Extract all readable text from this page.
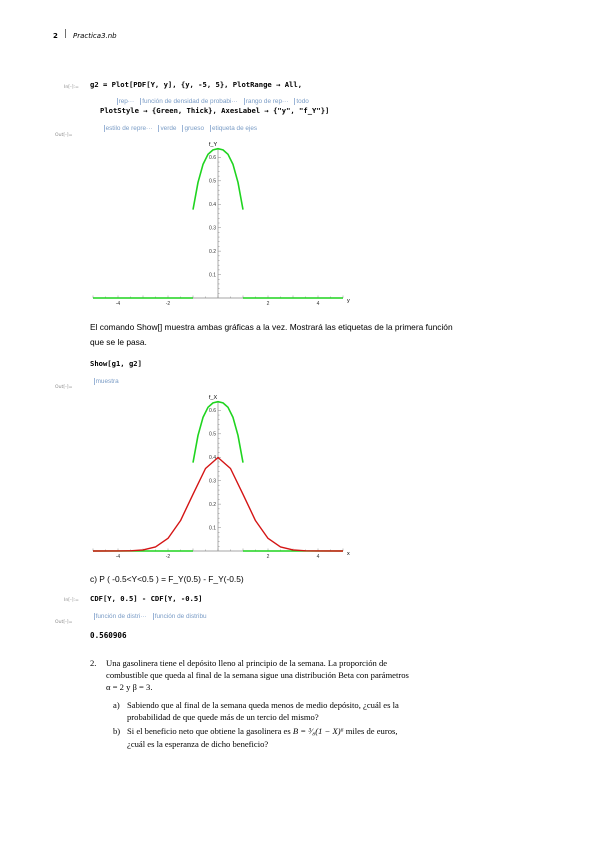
2 | Practica3.nb
In[-]:= g2 = Plot[PDF[Y, y], {y, -5, 5}, PlotRange → All,

rep··· función de densidad de probabi··· rango de rep··· todo

PlotStyle → {Green, Thick}, AxesLabel → {"y", "f_Y"}]

estilo de repre··· verde grueso etiqueta de ejes

Out[-]=
f_Y
y
-4	-2	2	4
0.1
0.2
0.3
0.4
0.5
0.6
El comando Show[] muestra ambas gráficas a la vez. Mostrará las etiquetas de la primera función
que se le pasa.
Show[g1, g2]

muestra

Out[-]=
f_X
x
-4	-2	2	4
0.1
0.2
0.3
0.4
0.5
0.6
c) P ( -0.5<Y<0.5 ) = F_Y(0.5) - F_Y(-0.5)
In[-]:= CDF[Y, 0.5] - CDF[Y, -0.5]

función de distri··· función de distribu

Out[-]=
0.560906
2. Una gasolinera tiene el depósito lleno al principio de la semana. La proporción de
combustible que queda al final de la semana sigue una distribución Beta con parámetros
α = 2 y β = 3.
a) Sabiendo que al final de la semana queda menos de medio depósito, ¿cuál es la
probabilidad de que quede más de un tercio del mismo?
b) Si el beneficio neto que obtiene la gasolinera es B = ³⁄₈(1 − X)⁶ miles de euros,
¿cuál es la esperanza de dicho beneficio?
